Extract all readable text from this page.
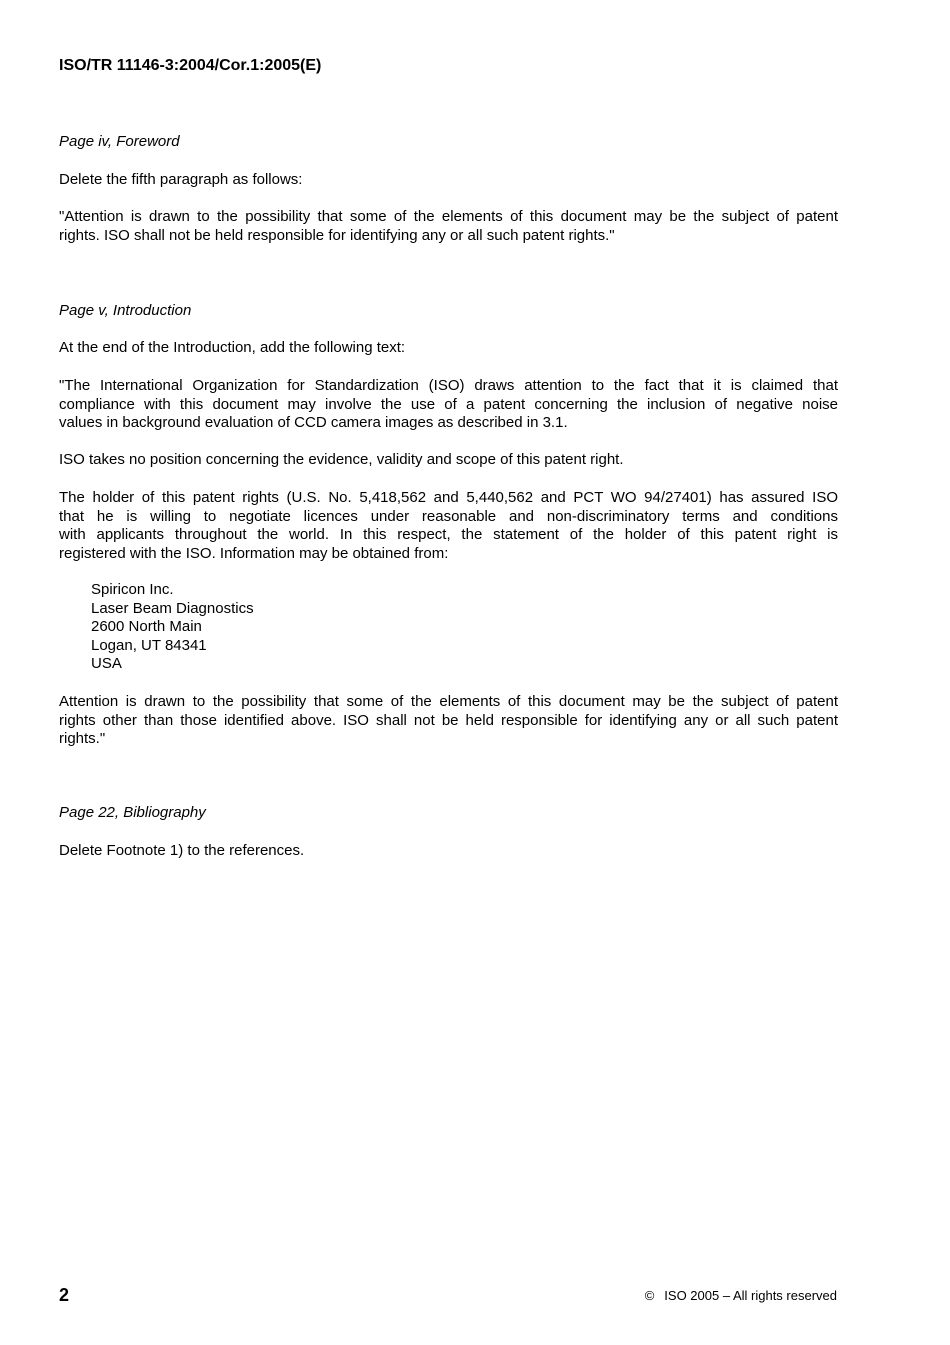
ISO/TR 11146-3:2004/Cor.1:2005(E)
Page iv, Foreword
Delete the fifth paragraph as follows:
"Attention is drawn to the possibility that some of the elements of this document may be the subject of patent
rights. ISO shall not be held responsible for identifying any or all such patent rights."
Page v, Introduction
At the end of the Introduction, add the following text:
"The International Organization for Standardization (ISO) draws attention to the fact that it is claimed that
compliance with this document may involve the use of a patent concerning the inclusion of negative noise
values in background evaluation of CCD camera images as described in 3.1.
ISO takes no position concerning the evidence, validity and scope of this patent right.
The holder of this patent rights (U.S. No. 5,418,562 and 5,440,562 and PCT WO 94/27401) has assured ISO
that he is willing to negotiate licences under reasonable and non-discriminatory terms and conditions
with applicants throughout the world. In this respect, the statement of the holder of this patent right is
registered with the ISO. Information may be obtained from:
Spiricon Inc.
Laser Beam Diagnostics
2600 North Main
Logan, UT 84341
USA
Attention is drawn to the possibility that some of the elements of this document may be the subject of patent
rights other than those identified above. ISO shall not be held responsible for identifying any or all such patent
rights."
Page 22, Bibliography
Delete Footnote 1) to the references.
2	© ISO 2005 – All rights reserved
